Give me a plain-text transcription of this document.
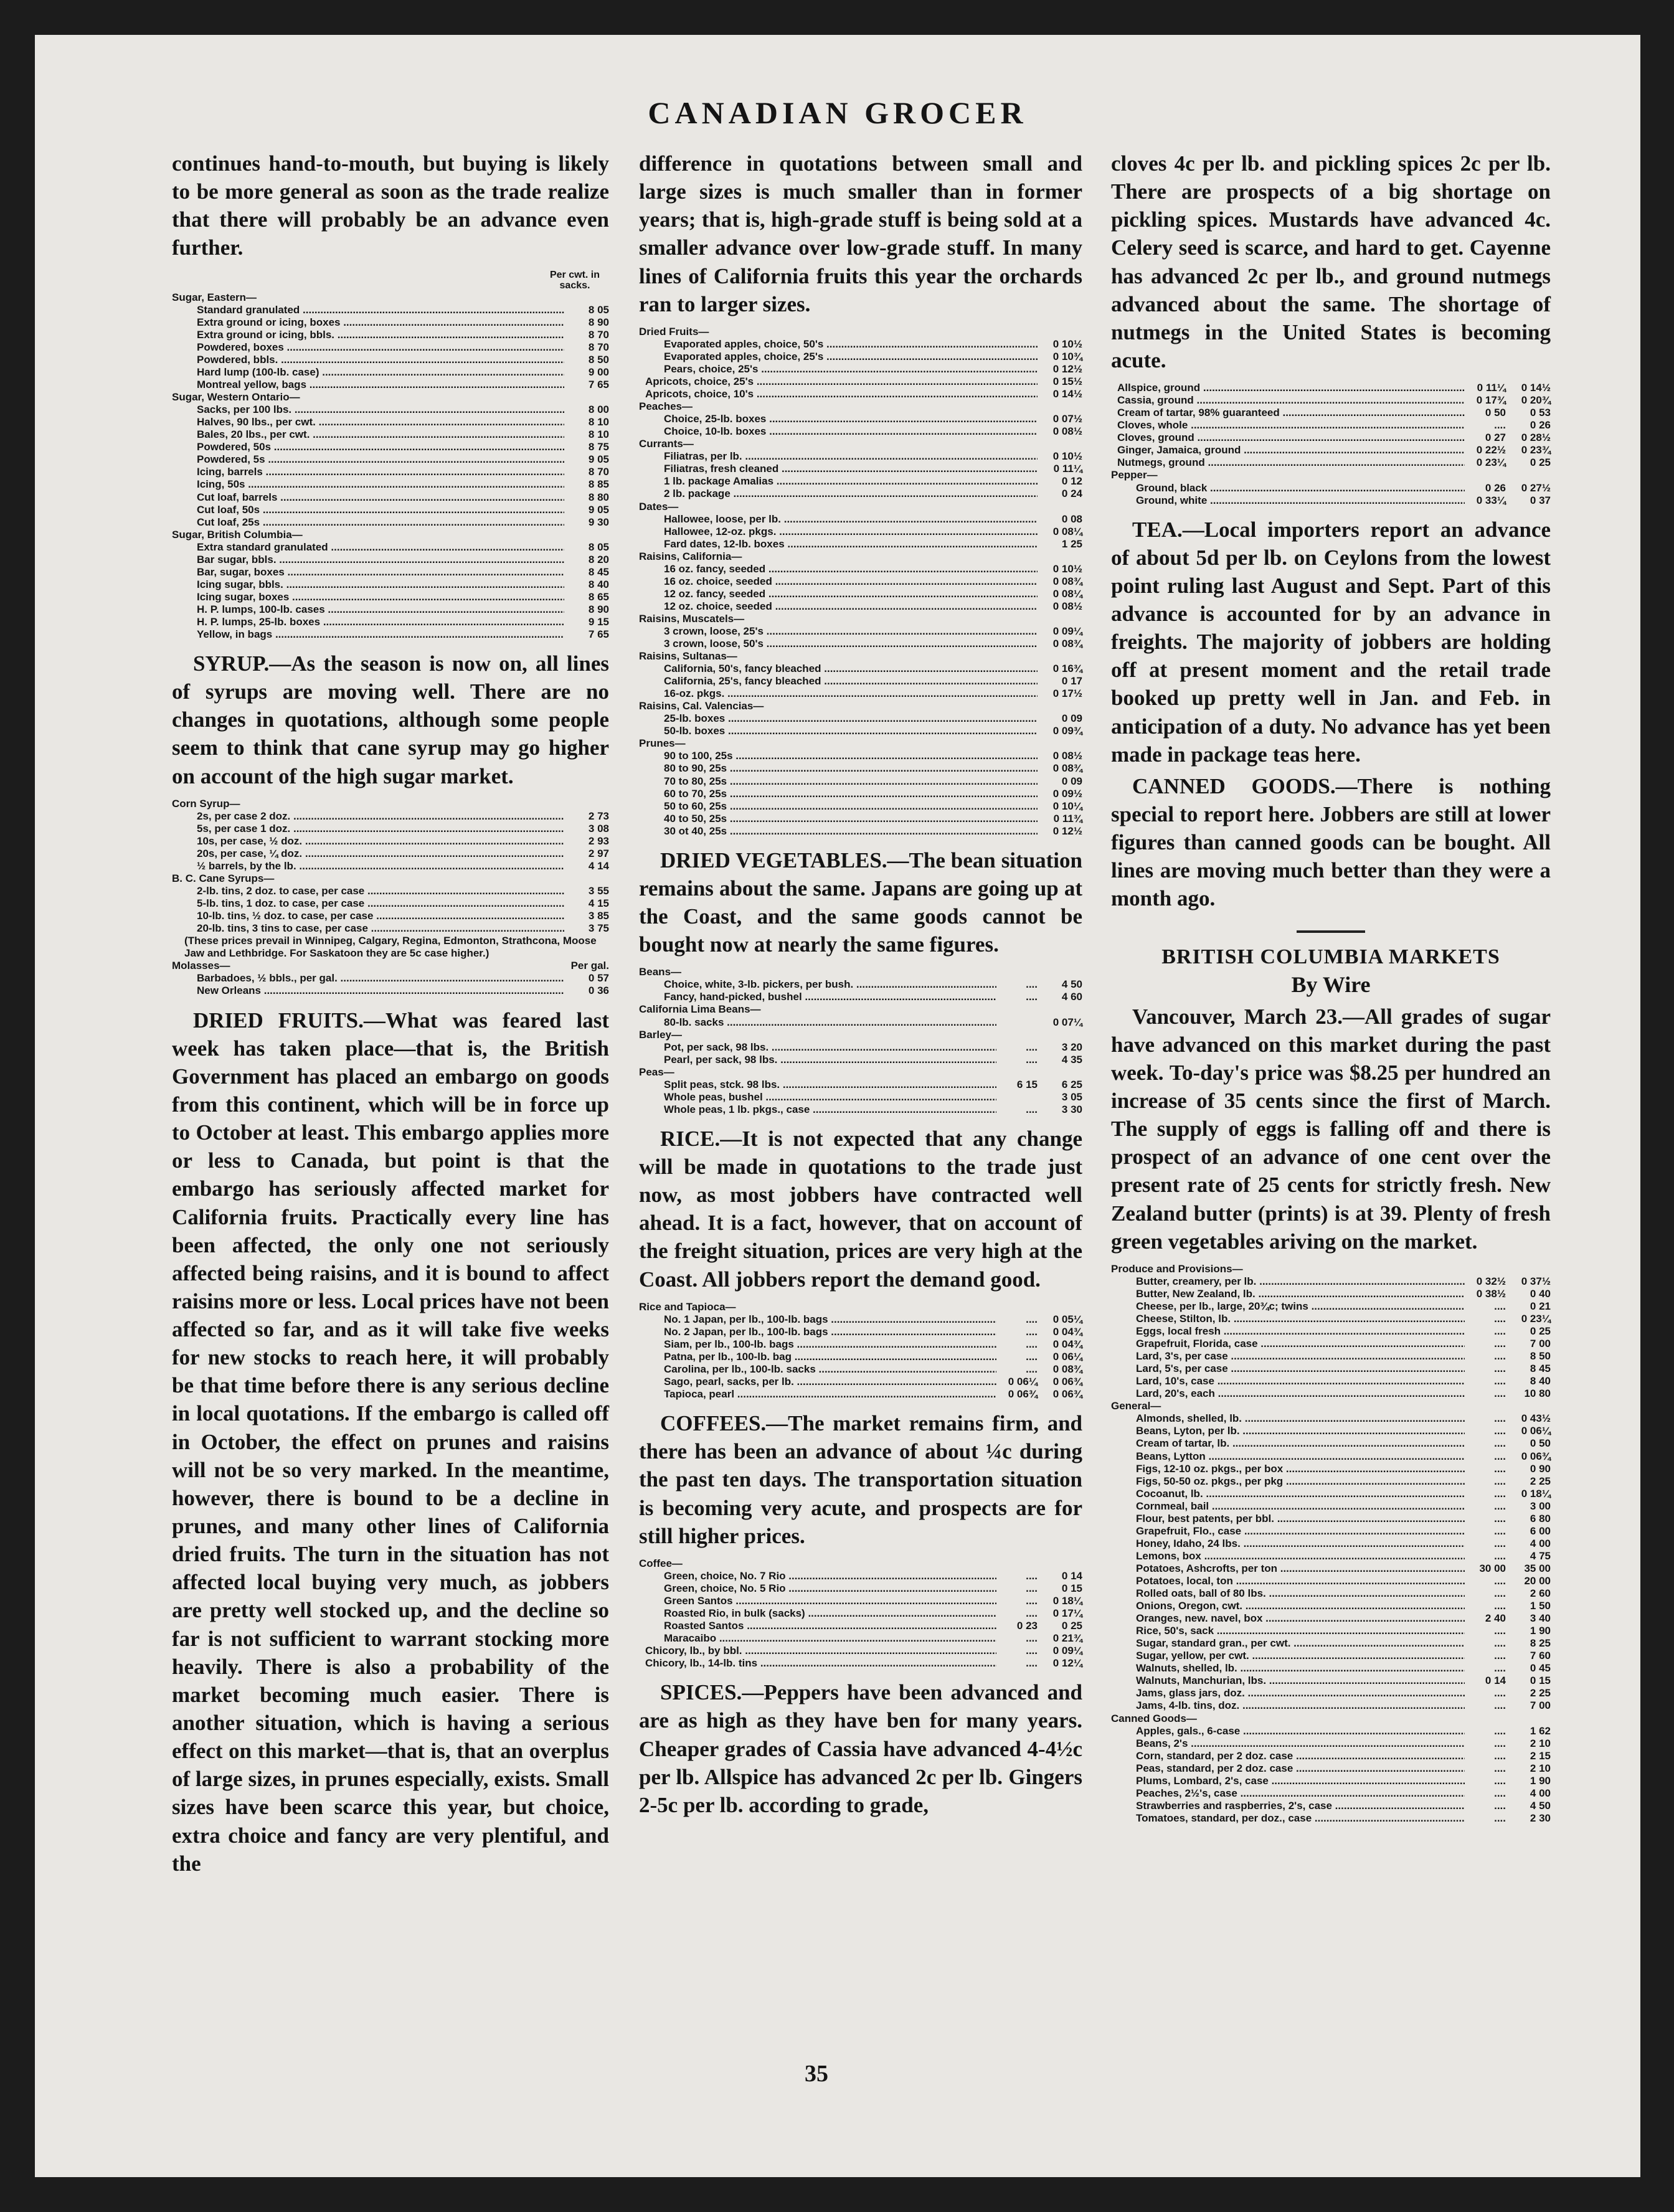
CANADIAN GROCER

continues hand-to-mouth, but buying is likely to be more general as soon as the trade realize that there will probably be an advance even further.

Per cwt. in sacks.
Sugar, Eastern—	
Standard granulated .....	8 05
Extra ground or icing, boxes .....	8 90
Extra ground or icing, bbls. .....	8 70
Powdered, boxes .....	8 70
Powdered, bbls. .....	8 50
Hard lump (100-lb. case) .....	9 00
Montreal yellow, bags .....	7 65
Sugar, Western Ontario—	
Sacks, per 100 lbs. .....	8 00
Halves, 90 lbs., per cwt. .....	8 10
Bales, 20 lbs., per cwt. .....	8 10
Powdered, 50s .....	8 75
Powdered, 5s .....	9 05
Icing, barrels .....	8 70
Icing, 50s .....	8 85
Cut loaf, barrels .....	8 80
Cut loaf, 50s .....	9 05
Cut loaf, 25s .....	9 30
Sugar, British Columbia—	
Extra standard granulated .....	8 05
Bar sugar, bbls. .....	8 20
Bar, sugar, boxes .....	8 45
Icing sugar, bbls. .....	8 40
Icing sugar, boxes .....	8 65
H. P. lumps, 100-lb. cases .....	8 90
H. P. lumps, 25-lb. boxes .....	9 15
Yellow, in bags .....	7 65

SYRUP.—As the season is now on, all lines of syrups are moving well. There are no changes in quotations, although some people seem to think that cane syrup may go higher on account of the high sugar market.

Corn Syrup—	
2s, per case 2 doz. .....	2 73
5s, per case 1 doz. .....	3 08
10s, per case, ½ doz. .....	2 93
20s, per case, ¼ doz. .....	2 97
½ barrels, by the lb. .....	4 14
B. C. Cane Syrups—	
2-lb. tins, 2 doz. to case, per case .....	3 55
5-lb. tins, 1 doz. to case, per case .....	4 15
10-lb. tins, ½ doz. to case, per case .....	3 85
20-lb. tins, 3 tins to case, per case .....	3 75
(These prices prevail in Winnipeg, Calgary, Regina, Edmonton, Strathcona, Moose Jaw and Lethbridge. For Saskatoon they are 5c case higher.)	
Molasses—	Per gal.
Barbadoes, ½ bbls., per gal. .....	0 57
New Orleans .....	0 36

DRIED FRUITS.—What was feared last week has taken place—that is, the British Government has placed an embargo on goods from this continent, which will be in force up to October at least. This embargo applies more or less to Canada, but point is that the embargo has seriously affected market for California fruits. Practically every line has been affected, the only one not seriously affected being raisins, and it is bound to affect raisins more or less. Local prices have not been affected so far, and as it will take five weeks for new stocks to reach here, it will probably be that time before there is any serious decline in local quotations. If the embargo is called off in October, the effect on prunes and raisins will not be so very marked. In the meantime, however, there is bound to be a decline in prunes, and many other lines of California dried fruits. The turn in the situation has not affected local buying very much, as jobbers are pretty well stocked up, and the decline so far is not sufficient to warrant stocking more heavily. There is also a probability of the market becoming much easier. There is another situation, which is having a serious effect on this market—that is, that an overplus of large sizes, in prunes especially, exists. Small sizes have been scarce this year, but choice, extra choice and fancy are very plentiful, and the

difference in quotations between small and large sizes is much smaller than in former years; that is, high-grade stuff is being sold at a smaller advance over low-grade stuff. In many lines of California fruits this year the orchards ran to larger sizes.

Dried Fruits—	
Evaporated apples, choice, 50's .....	0 10½
Evaporated apples, choice, 25's .....	0 10¾
Pears, choice, 25's .....	0 12½
Apricots, choice, 25's .....	0 15½
Apricots, choice, 10's .....	0 14½
Peaches—	
Choice, 25-lb. boxes .....	0 07½
Choice, 10-lb. boxes .....	0 08½
Currants—	
Filiatras, per lb. .....	0 10½
Filiatras, fresh cleaned .....	0 11¼
1 lb. package Amalias .....	0 12
2 lb. package .....	0 24
Dates—	
Hallowee, loose, per lb. .....	0 08
Hallowee, 12-oz. pkgs. .....	0 08¼
Fard dates, 12-lb. boxes .....	1 25
Raisins, California—	
16 oz. fancy, seeded .....	0 10½
16 oz. choice, seeded .....	0 08¾
12 oz. fancy, seeded .....	0 08¼
12 oz. choice, seeded .....	0 08½
Raisins, Muscatels—	
3 crown, loose, 25's .....	0 09¼
3 crown, loose, 50's .....	0 08¾
Raisins, Sultanas—	
California, 50's, fancy bleached .....	0 16¾
California, 25's, fancy bleached .....	0 17
16-oz. pkgs. .....	0 17½
Raisins, Cal. Valencias—	
25-lb. boxes .....	0 09
50-lb. boxes .....	0 09¾
Prunes—	
90 to 100, 25s .....	0 08½
80 to 90, 25s .....	0 08¾
70 to 80, 25s .....	0 09
60 to 70, 25s .....	0 09½
50 to 60, 25s .....	0 10¼
40 to 50, 25s .....	0 11¾
30 ot 40, 25s .....	0 12½

DRIED VEGETABLES.—The bean situation remains about the same. Japans are going up at the Coast, and the same goods cannot be bought now at nearly the same figures.

Beans—		
Choice, white, 3-lb. pickers, per bush. .....	....	4 50
Fancy, hand-picked, bushel .....	....	4 60
California Lima Beans—		
80-lb. sacks .....		0 07¼
Barley—		
Pot, per sack, 98 lbs. .....	....	3 20
Pearl, per sack, 98 lbs. .....	....	4 35
Peas—		
Split peas, stck. 98 lbs. .....	6 15	6 25
Whole peas, bushel .....		3 05
Whole peas, 1 lb. pkgs., case .....	....	3 30

RICE.—It is not expected that any change will be made in quotations to the trade just now, as most jobbers have contracted well ahead. It is a fact, however, that on account of the freight situation, prices are very high at the Coast. All jobbers report the demand good.

Rice and Tapioca—		
No. 1 Japan, per lb., 100-lb. bags .....	....	0 05¼
No. 2 Japan, per lb., 100-lb. bags .....	....	0 04¾
Siam, per lb., 100-lb. bags .....	....	0 04¾
Patna, per lb., 100-lb. bag .....	....	0 06¼
Carolina, per lb., 100-lb. sacks .....	....	0 08¾
Sago, pearl, sacks, per lb. .....	0 06¼	0 06¾
Tapioca, pearl .....	0 06¾	0 06¾

COFFEES.—The market remains firm, and there has been an advance of about ¼c during the past ten days. The transportation situation is becoming very acute, and prospects are for still higher prices.

Coffee—		
Green, choice, No. 7 Rio .....	....	0 14
Green, choice, No. 5 Rio .....	....	0 15
Green Santos .....	....	0 18¼
Roasted Rio, in bulk (sacks) .....	....	0 17¼
Roasted Santos .....	0 23	0 25
Maracaibo .....	....	0 21¾
Chicory, lb., by bbl. .....	....	0 09¼
Chicory, lb., 14-lb. tins .....	....	0 12¼

SPICES.—Peppers have been advanced and are as high as they have ben for many years. Cheaper grades of Cassia have advanced 4-4½c per lb. Allspice has advanced 2c per lb. Gingers 2-5c per lb. according to grade,

cloves 4c per lb. and pickling spices 2c per lb. There are prospects of a big shortage on pickling spices. Mustards have advanced 4c. Celery seed is scarce, and hard to get. Cayenne has advanced 2c per lb., and ground nutmegs advanced about the same. The shortage of nutmegs in the United States is becoming acute.

Allspice, ground .....	0 11¼	0 14½
Cassia, ground .....	0 17¾	0 20¾
Cream of tartar, 98% guaranteed .....	0 50	0 53
Cloves, whole .....	....	0 26
Cloves, ground .....	0 27	0 28½
Ginger, Jamaica, ground .....	0 22½	0 23¾
Nutmegs, ground .....	0 23¼	0 25
Pepper—		
Ground, black .....	0 26	0 27½
Ground, white .....	0 33¼	0 37

TEA.—Local importers report an advance of about 5d per lb. on Ceylons from the lowest point ruling last August and Sept. Part of this advance is accounted for by an advance in freights. The majority of jobbers are holding off at present moment and the retail trade booked up pretty well in Jan. and Feb. in anticipation of a duty. No advance has yet been made in package teas here.

CANNED GOODS.—There is nothing special to report here. Jobbers are still at lower figures than canned goods can be bought. All lines are moving much better than they were a month ago.

BRITISH COLUMBIA MARKETS
By Wire

Vancouver, March 23.—All grades of sugar have advanced on this market during the past week. To-day's price was $8.25 per hundred an increase of 35 cents since the first of March. The supply of eggs is falling off and there is prospect of an advance of one cent over the present rate of 25 cents for strictly fresh. New Zealand butter (prints) is at 39. Plenty of fresh green vegetables ariving on the market.

Produce and Provisions—		
Butter, creamery, per lb. .....	0 32½	0 37½
Butter, New Zealand, lb. .....	0 38½	0 40
Cheese, per lb., large, 20¾c; twins .....	....	0 21
Cheese, Stilton, lb. .....	....	0 23¼
Eggs, local fresh .....	....	0 25
Grapefruit, Florida, case .....	....	7 00
Lard, 3's, per case .....	....	8 50
Lard, 5's, per case .....	....	8 45
Lard, 10's, case .....	....	8 40
Lard, 20's, each .....	....	10 80
General—		
Almonds, shelled, lb. .....	....	0 43½
Beans, Lyton, per lb. .....	....	0 06¼
Cream of tartar, lb. .....	....	0 50
Beans, Lytton .....	....	0 06¾
Figs, 12-10 oz. pkgs., per box .....	....	0 90
Figs, 50-50 oz. pkgs., per pkg .....	....	2 25
Cocoanut, lb. .....	....	0 18¼
Cornmeal, bail .....	....	3 00
Flour, best patents, per bbl. .....	....	6 80
Grapefruit, Flo., case .....	....	6 00
Honey, Idaho, 24 lbs. .....	....	4 00
Lemons, box .....	....	4 75
Potatoes, Ashcrofts, per ton .....	30 00	35 00
Potatoes, local, ton .....	....	20 00
Rolled oats, ball of 80 lbs. .....	....	2 60
Onions, Oregon, cwt. .....	....	1 50
Oranges, new. navel, box .....	2 40	3 40
Rice, 50's, sack .....	....	1 90
Sugar, standard gran., per cwt. .....	....	8 25
Sugar, yellow, per cwt. .....	....	7 60
Walnuts, shelled, lb. .....	....	0 45
Walnuts, Manchurian, lbs. .....	0 14	0 15
Jams, glass jars, doz. .....	....	2 25
Jams, 4-lb. tins, doz. .....	....	7 00
Canned Goods—		
Apples, gals., 6-case .....	....	1 62
Beans, 2's .....	....	2 10
Corn, standard, per 2 doz. case .....	....	2 15
Peas, standard, per 2 doz. case .....	....	2 10
Plums, Lombard, 2's, case .....	....	1 90
Peaches, 2½'s, case .....	....	4 00
Strawberries and raspberries, 2's, case .....	....	4 50
Tomatoes, standard, per doz., case .....	....	2 30
35
